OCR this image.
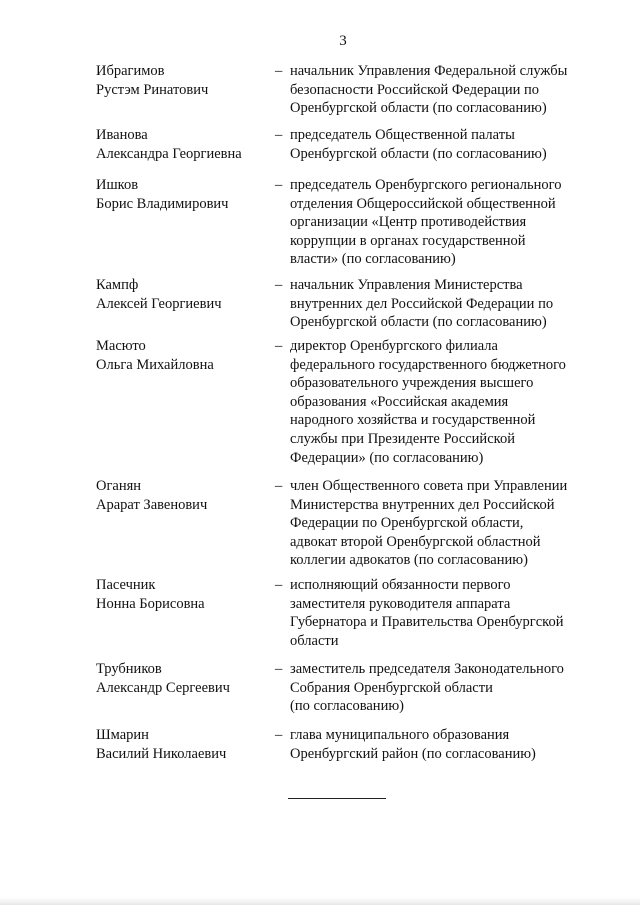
3
Ибрагимов
Рустэм Ринатович
– начальник Управления Федеральной службы
безопасности Российской Федерации по
Оренбургской области (по согласованию)
Иванова
Александра Георгиевна
– председатель Общественной палаты
Оренбургской области (по согласованию)
Ишков
Борис Владимирович
– председатель Оренбургского регионального
отделения Общероссийской общественной
организации «Центр противодействия
коррупции в органах государственной
власти» (по согласованию)
Кампф
Алексей Георгиевич
– начальник Управления Министерства
внутренних дел Российской Федерации по
Оренбургской области (по согласованию)
Масюто
Ольга Михайловна
– директор Оренбургского филиала
федерального государственного бюджетного
образовательного учреждения высшего
образования «Российская академия
народного хозяйства и государственной
службы при Президенте Российской
Федерации» (по согласованию)
Оганян
Арарат Завенович
– член Общественного совета при Управлении
Министерства внутренних дел Российской
Федерации по Оренбургской области,
адвокат второй Оренбургской областной
коллегии адвокатов (по согласованию)
Пасечник
Нонна Борисовна
– исполняющий обязанности первого
заместителя руководителя аппарата
Губернатора и Правительства Оренбургской
области
Трубников
Александр Сергеевич
– заместитель председателя Законодательного
Собрания Оренбургской области
(по согласованию)
Шмарин
Василий Николаевич
– глава муниципального образования
Оренбургский район (по согласованию)
